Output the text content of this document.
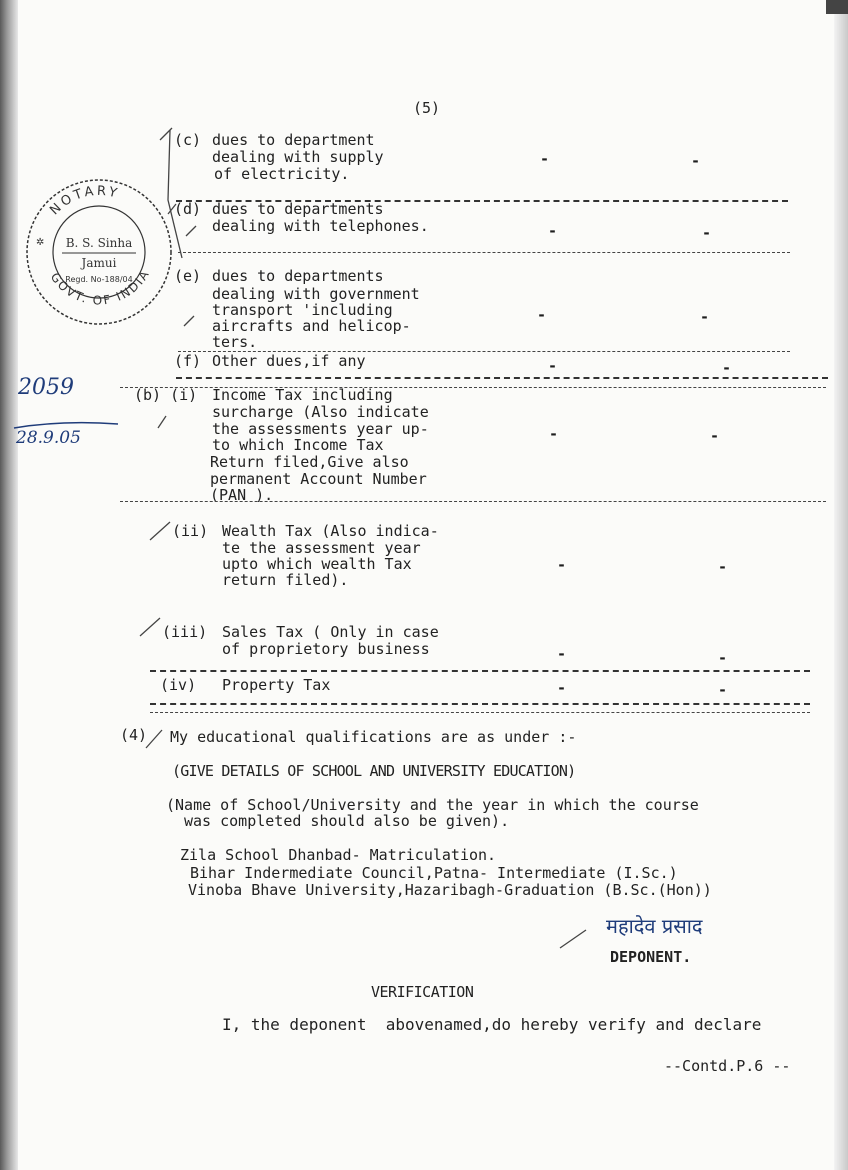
(5)
NOTARY
GOVT. OF INDIA
B. S. Sinha
Jamui
Regd. No-188/04
✲
2059
28.9.05
(c) dues to department
dealing with supply
of electricity.
-	-
(d) dues to departments
dealing with telephones.	-	-
(e) dues to departments
dealing with government
transport 'including
aircrafts and helicop-
ters.
-	-
(f) Other dues,if any	-	-
(b) (i) Income Tax including
surcharge (Also indicate
the assessments year up-
to which Income Tax
Return filed,Give also
permanent Account Number
(PAN ).
-	-
(ii) Wealth Tax (Also indica-
te the assessment year
upto which wealth Tax
return filed).
-	-
(iii) Sales Tax ( Only in case
of proprietory business	-	-
(iv) Property Tax	-	-
(4) My educational qualifications are as under :-
(GIVE DETAILS OF SCHOOL AND UNIVERSITY EDUCATION)
(Name of School/University and the year in which the course
was completed should also be given).
Zila School Dhanbad- Matriculation.
Bihar Indermediate Council,Patna- Intermediate (I.Sc.)
Vinoba Bhave University,Hazaribagh-Graduation (B.Sc.(Hon))
महादेव प्रसाद
DEPONENT.
VERIFICATION
I, the deponent  abovenamed,do hereby verify and declare
--Contd.P.6 --
